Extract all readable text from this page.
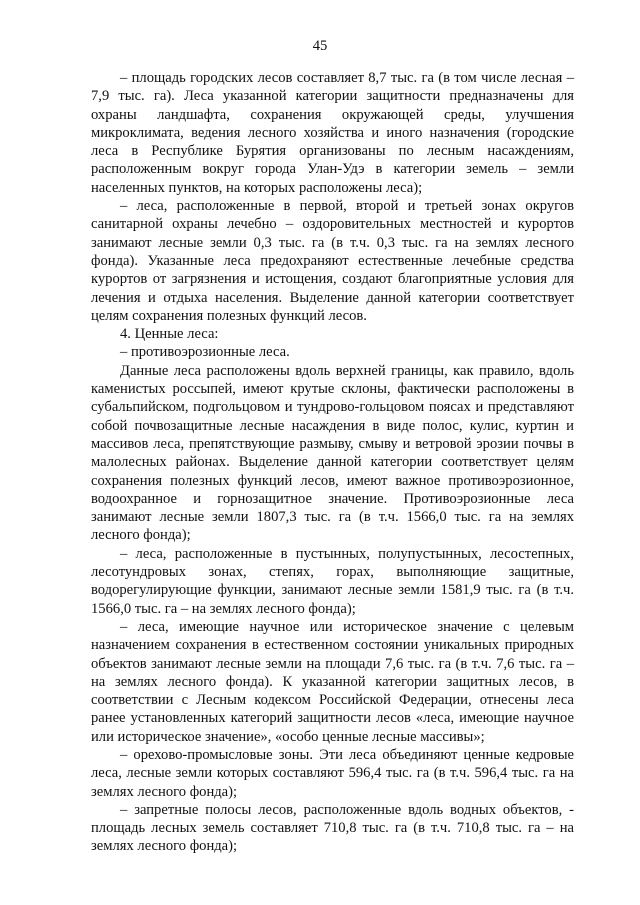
45

– площадь городских лесов составляет 8,7 тыс. га (в том числе лесная – 7,9 тыс. га). Леса указанной категории защитности предназначены для охраны ландшафта, сохранения окружающей среды, улучшения микроклимата, ведения лесного хозяйства и иного назначения (городские леса в Республике Бурятия организованы по лесным насаждениям, расположенным вокруг города Улан-Удэ в категории земель – земли населенных пунктов, на которых расположены леса);

– леса, расположенные в первой, второй и третьей зонах округов санитарной охраны лечебно – оздоровительных местностей и курортов занимают лесные земли 0,3 тыс. га (в т.ч. 0,3 тыс. га на землях лесного фонда). Указанные леса предохраняют естественные лечебные средства курортов от загрязнения и истощения, создают благоприятные условия для лечения и отдыха населения. Выделение данной категории соответствует целям сохранения полезных функций лесов.

4. Ценные леса:

– противоэрозионные леса.

Данные леса расположены вдоль верхней границы, как правило, вдоль каменистых россыпей, имеют крутые склоны, фактически расположены в субальпийском, подгольцовом и тундрово-гольцовом поясах и представляют собой почвозащитные лесные насаждения в виде полос, кулис, куртин и массивов леса, препятствующие размыву, смыву и ветровой эрозии почвы в малолесных районах. Выделение данной категории соответствует целям сохранения полезных функций лесов, имеют важное противоэрозионное, водоохранное и горнозащитное значение. Противоэрозионные леса занимают лесные земли 1807,3 тыс. га (в т.ч. 1566,0 тыс. га на землях лесного фонда);

– леса, расположенные в пустынных, полупустынных, лесостепных, лесотундровых зонах, степях, горах, выполняющие защитные, водорегулирующие функции, занимают лесные земли 1581,9 тыс. га (в т.ч. 1566,0 тыс. га – на землях лесного фонда);

– леса, имеющие научное или историческое значение с целевым назначением сохранения в естественном состоянии уникальных природных объектов занимают лесные земли на площади 7,6 тыс. га (в т.ч. 7,6 тыс. га – на землях лесного фонда). К указанной категории защитных лесов, в соответствии с Лесным кодексом Российской Федерации, отнесены леса ранее установленных категорий защитности лесов «леса, имеющие научное или историческое значение», «особо ценные лесные массивы»;

– орехово-промысловые зоны. Эти леса объединяют ценные кедровые леса, лесные земли которых составляют 596,4 тыс. га (в т.ч. 596,4 тыс. га на землях лесного фонда);

– запретные полосы лесов, расположенные вдоль водных объектов, - площадь лесных земель составляет 710,8 тыс. га (в т.ч. 710,8 тыс. га – на землях лесного фонда);
